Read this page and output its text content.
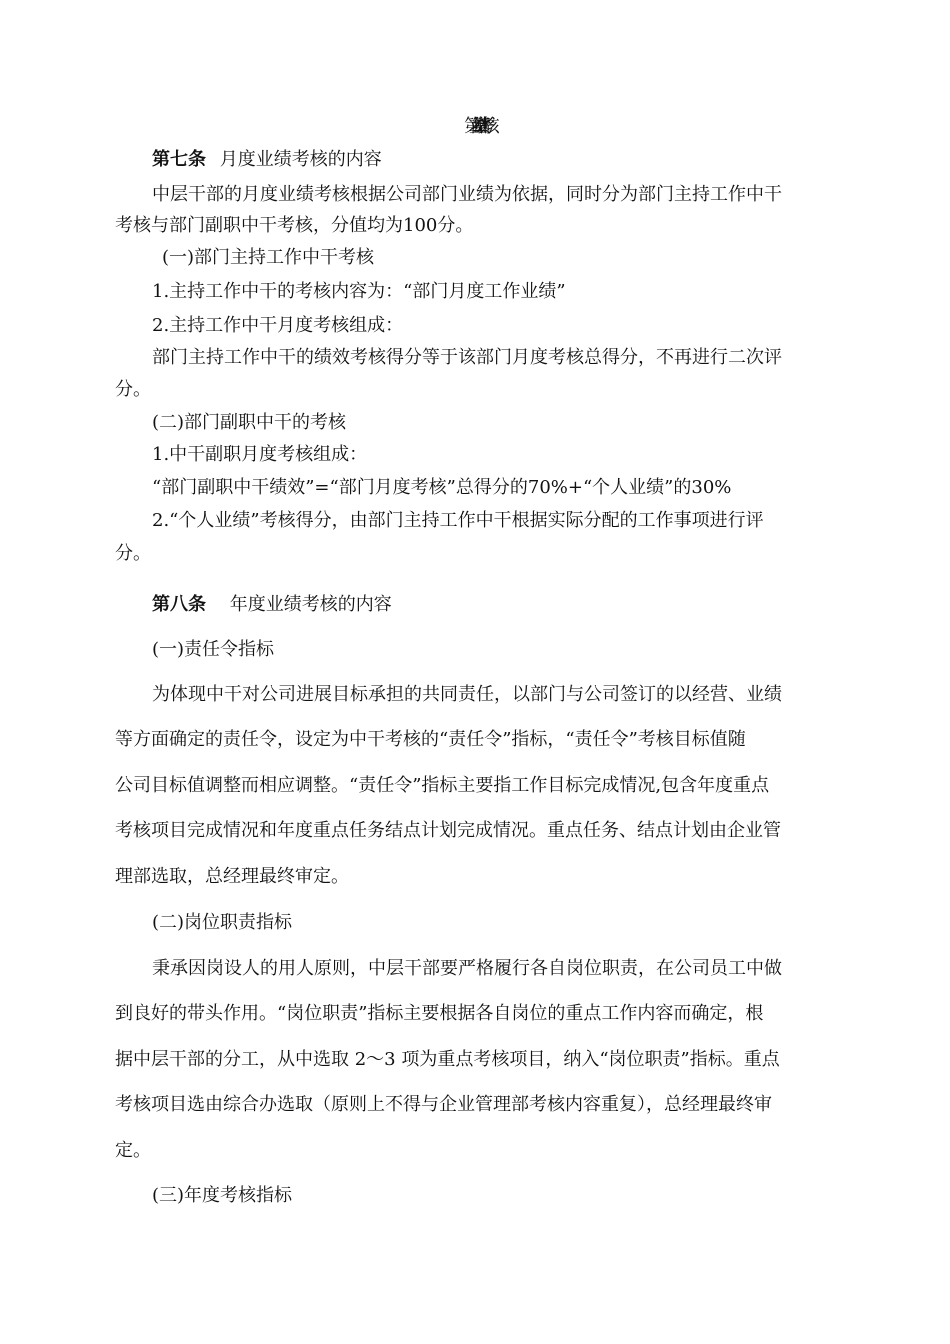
第二章 业绩考核
第七条 月度业绩考核的内容
中层干部的月度业绩考核根据公司部门业绩为依据，同时分为部门主持工作中干
考核与部门副职中干考核，分值均为100分。
(一)部门主持工作中干考核
1.主持工作中干的考核内容为：“部门月度工作业绩”
2.主持工作中干月度考核组成：
部门主持工作中干的绩效考核得分等于该部门月度考核总得分，不再进行二次评
分。
(二)部门副职中干的考核
1.中干副职月度考核组成：
“部门副职中干绩效”=“部门月度考核”总得分的70%+“个人业绩”的30%
2.“个人业绩”考核得分，由部门主持工作中干根据实际分配的工作事项进行评
分。
第八条 年度业绩考核的内容
(一)责任令指标
为体现中干对公司进展目标承担的共同责任，以部门与公司签订的以经营、业绩
等方面确定的责任令，设定为中干考核的“责任令”指标，“责任令”考核目标值随
公司目标值调整而相应调整。“责任令”指标主要指工作目标完成情况,包含年度重点
考核项目完成情况和年度重点任务结点计划完成情况。重点任务、结点计划由企业管
理部选取，总经理最终审定。
(二)岗位职责指标
秉承因岗设人的用人原则，中层干部要严格履行各自岗位职责，在公司员工中做
到良好的带头作用。“岗位职责”指标主要根据各自岗位的重点工作内容而确定，根
据中层干部的分工，从中选取 2～3 项为重点考核项目，纳入“岗位职责”指标。重点
考核项目选由综合办选取（原则上不得与企业管理部考核内容重复），总经理最终审
定。
(三)年度考核指标
